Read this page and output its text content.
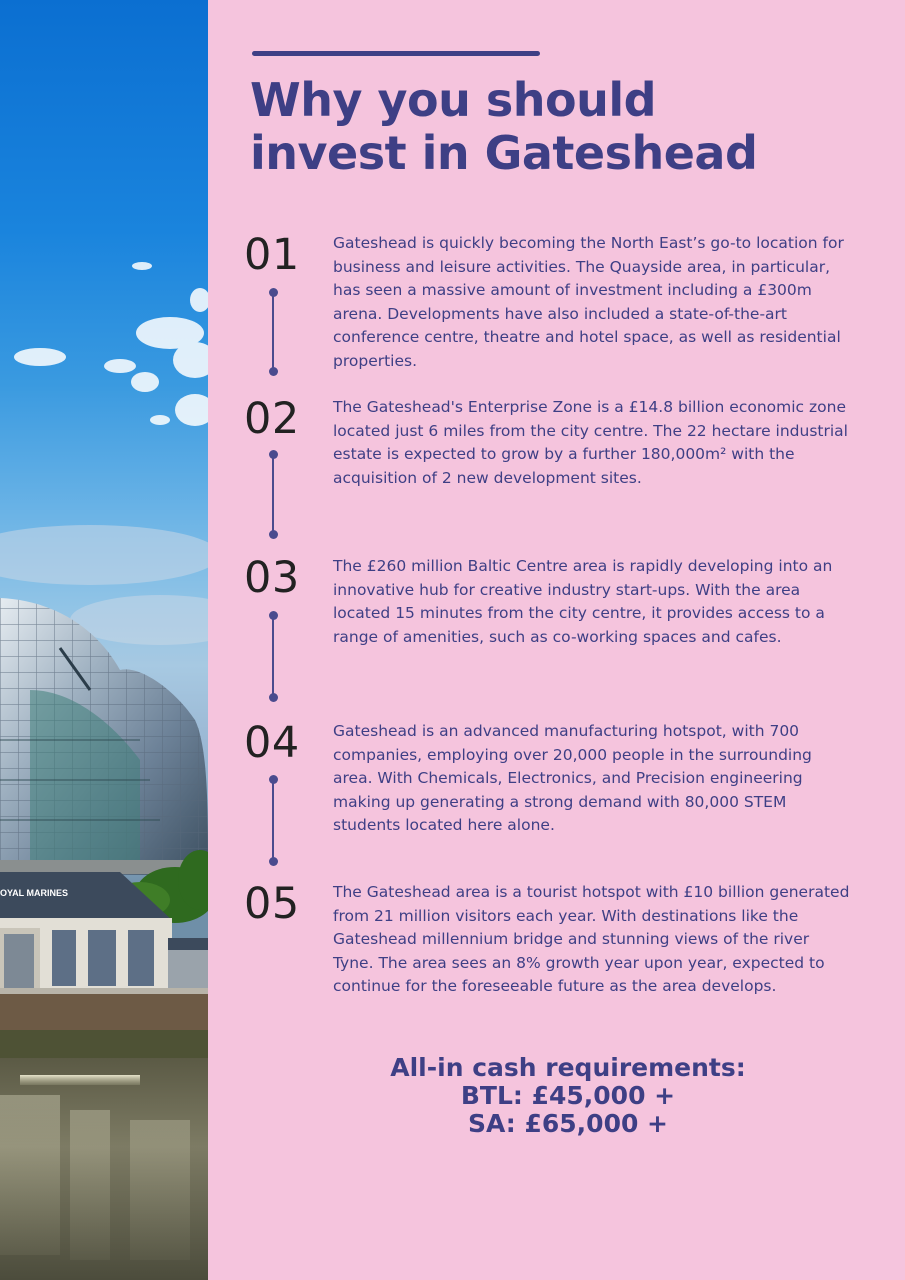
OYAL MARINES
Why you should
invest in Gateshead
01	Gateshead is quickly becoming the North East’s go-to location for business and leisure activities. The Quayside area, in particular, has seen a massive amount of investment including a £300m arena. Developments have also included a state-of-the-art conference centre, theatre and hotel space, as well as residential properties.

02	The Gateshead's Enterprise Zone is a £14.8 billion economic zone located just 6 miles from the city centre. The 22 hectare industrial estate is expected to grow by a further 180,000m² with the acquisition of 2 new development sites.

03	The £260 million Baltic Centre area is rapidly developing into an innovative hub for creative industry start-ups. With the area located 15 minutes from the city centre, it provides access to a range of amenities, such as co-working spaces and cafes.

04	Gateshead is an advanced manufacturing hotspot, with 700 companies, employing over 20,000 people in the surrounding area. With Chemicals, Electronics, and Precision engineering making up generating a strong demand with 80,000 STEM students located here alone.

05	The Gateshead area is a tourist hotspot with £10 billion generated from 21 million visitors each year. With destinations like the Gateshead millennium bridge and stunning views of the river Tyne. The area sees an 8% growth year upon year, expected to continue for the foreseeable future as the area develops.

All-in cash requirements:
BTL: £45,000 +
SA: £65,000 +
